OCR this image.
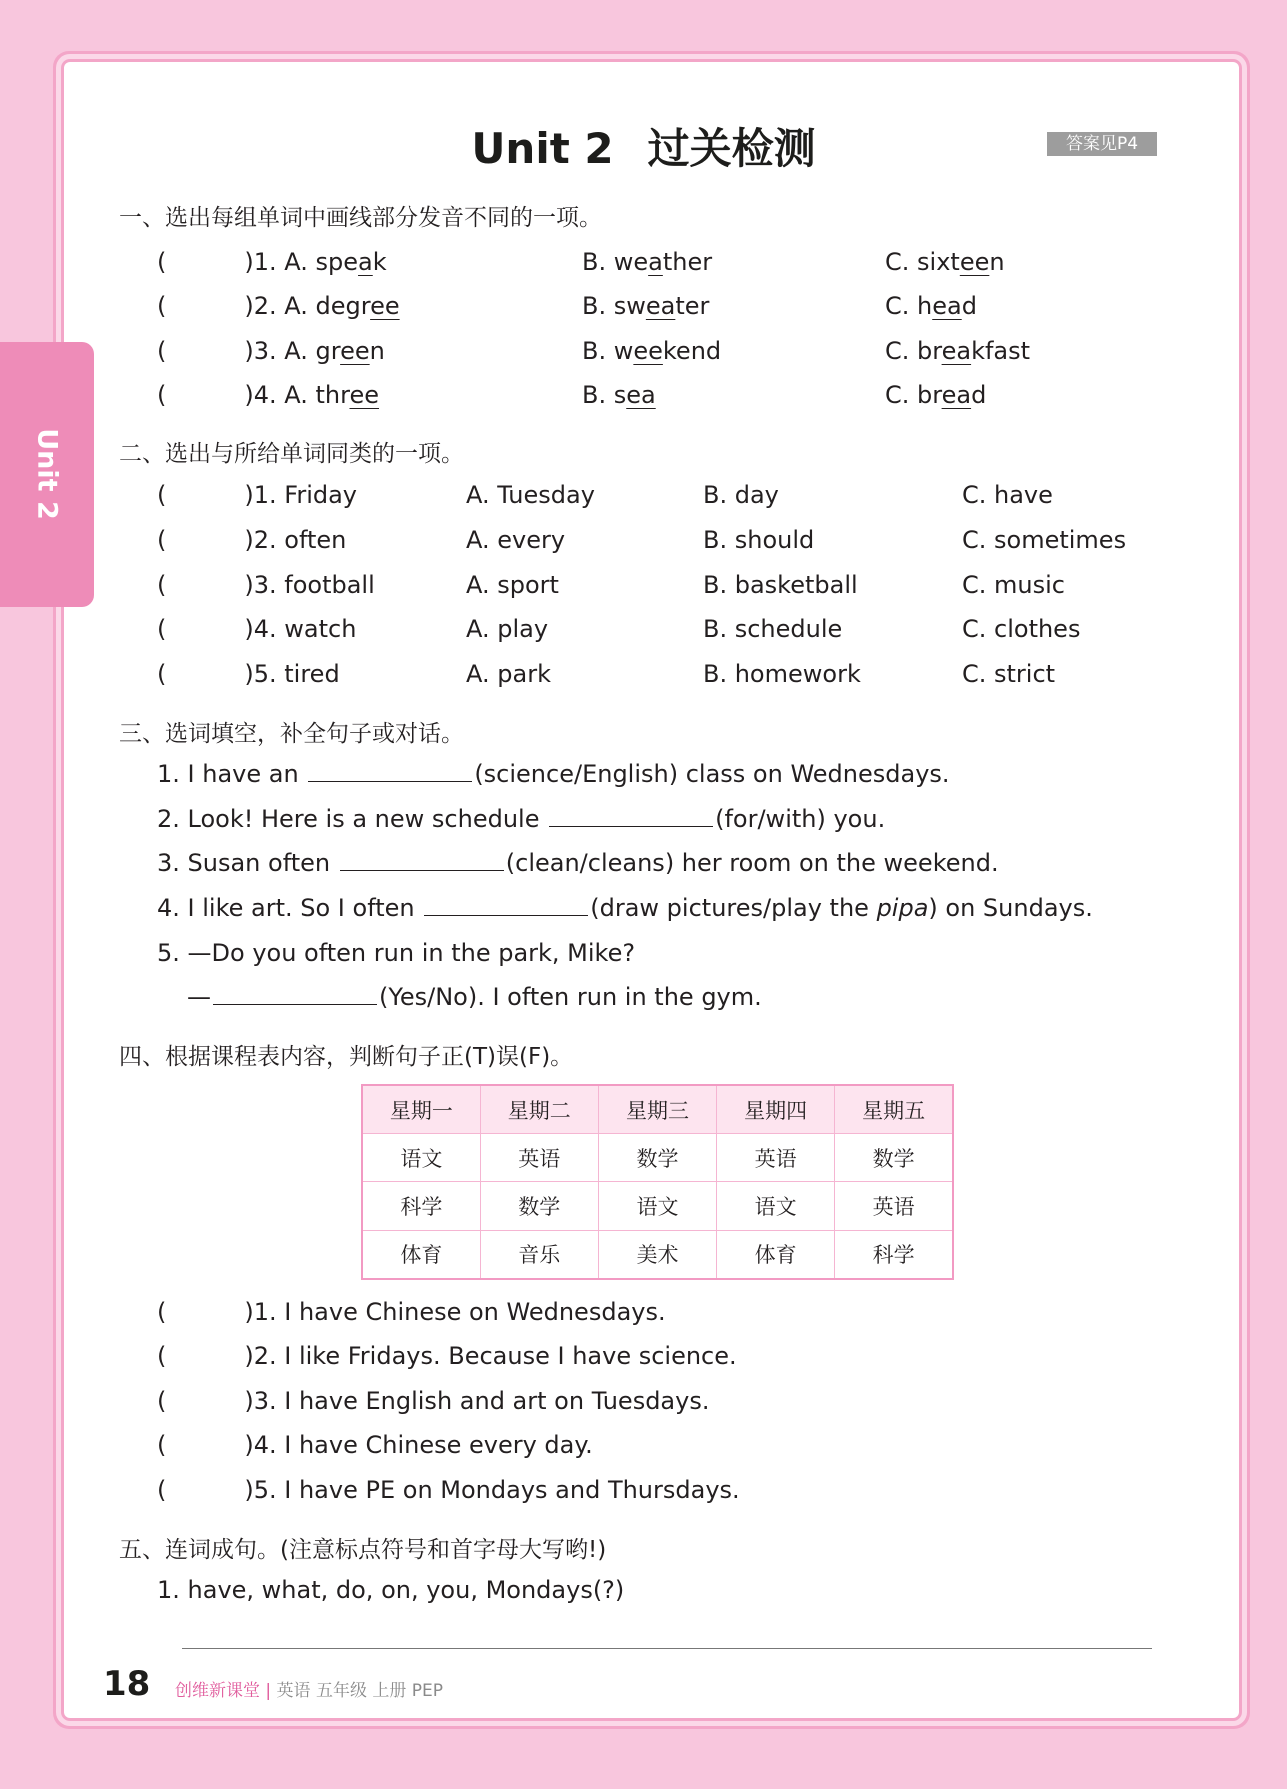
Unit 2
Unit 2 过关检测	答案见P4
一、选出每组单词中画线部分发音不同的一项。
(	)1. A. speak	B. weather	C. sixteen
(	)2. A. degree	B. sweater	C. head
(	)3. A. green	B. weekend	C. breakfast
(	)4. A. three	B. sea	C. bread
二、选出与所给单词同类的一项。
(	)1. Friday	A. Tuesday	B. day	C. have
(	)2. often	A. every	B. should	C. sometimes
(	)3. football	A. sport	B. basketball	C. music
(	)4. watch	A. play	B. schedule	C. clothes
(	)5. tired	A. park	B. homework	C. strict
三、选词填空，补全句子或对话。
1. I have an	(science/English) class on Wednesdays.
2. Look! Here is a new schedule	(for/with) you.
3. Susan often	(clean/cleans) her room on the weekend.
4. I like art. So I often	(draw pictures/play the pipa) on Sundays.
5. —Do you often run in the park, Mike?
—	(Yes/No). I often run in the gym.
四、根据课程表内容，判断句子正(T)误(F)。
星期一	星期二	星期三	星期四	星期五
语文	英语	数学	英语	数学
科学	数学	语文	语文	英语
体育	音乐	美术	体育	科学
(	)1. I have Chinese on Wednesdays.
(	)2. I like Fridays. Because I have science.
(	)3. I have English and art on Tuesdays.
(	)4. I have Chinese every day.
(	)5. I have PE on Mondays and Thursdays.
五、连词成句。(注意标点符号和首字母大写哟!)
1. have, what, do, on, you, Mondays(?)
18 创维新课堂 | 英语 五年级 上册 PEP
